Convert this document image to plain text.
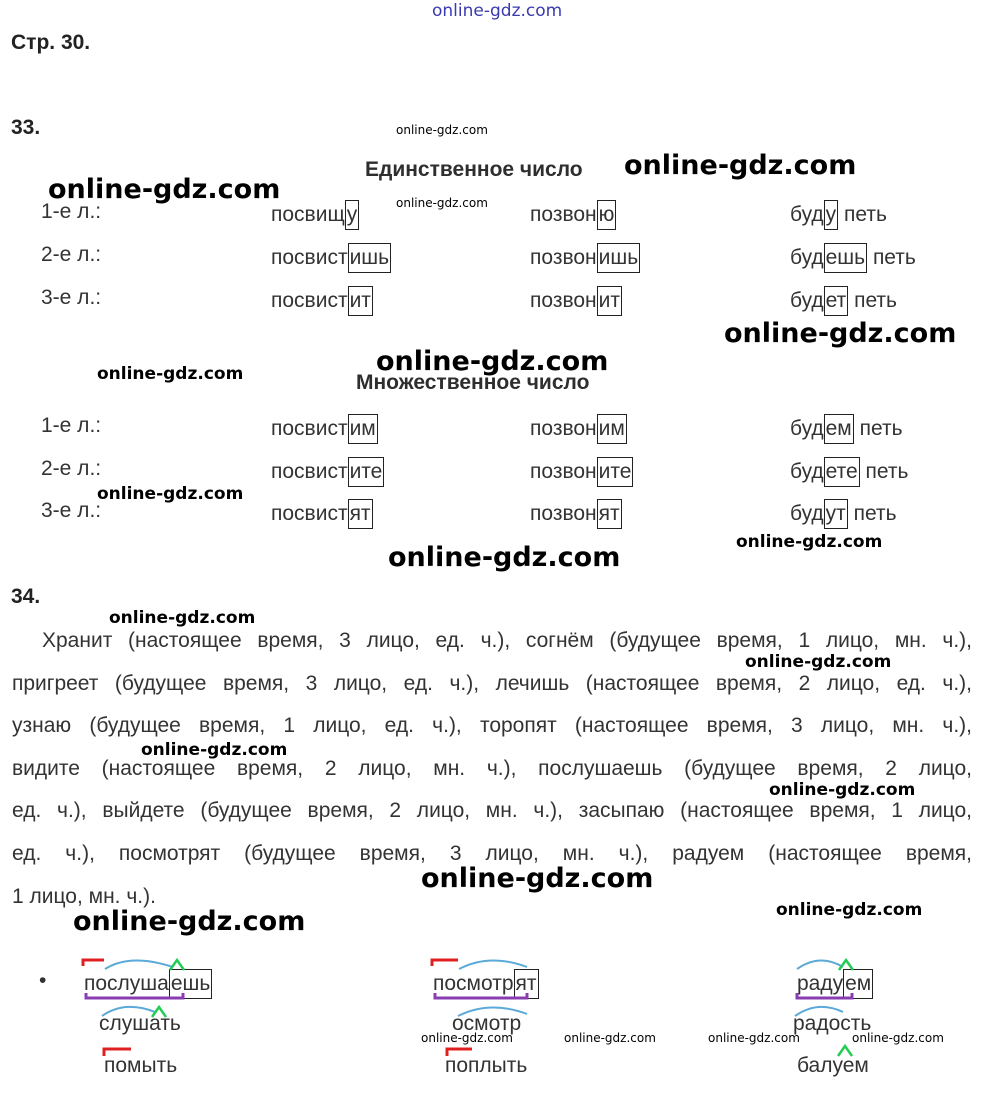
online-gdz.com
Стр. 30.
33.
Единственное число
1-е л.:	посвищу	позвоню	буду петь
2-е л.:	посвистишь	позвонишь	будешь петь
3-е л.:	посвистит	позвонит	будет петь
Множественное число
1-е л.:	посвистим	позвоним	будем петь
2-е л.:	посвистите	позвоните	будете петь
3-е л.:	посвистят	позвонят	будут петь
34.
Хранит (настоящее время, 3 лицо, ед. ч.), согнём (будущее время, 1 лицо, мн. ч.),
пригреет (будущее время, 3 лицо, ед. ч.), лечишь (настоящее время, 2 лицо, ед. ч.),
узнаю (будущее время, 1 лицо, ед. ч.), торопят (настоящее время, 3 лицо, мн. ч.),
видите (настоящее время, 2 лицо, мн. ч.), послушаешь (будущее время, 2 лицо,
ед. ч.), выйдете (будущее время, 2 лицо, мн. ч.), засыпаю (настоящее время, 1 лицо,
ед. ч.), посмотрят (будущее время, 3 лицо, мн. ч.), радуем (настоящее время,
1 лицо, мн. ч.).
• послушаешь
слушать
помыть
посмотрят
осмотр
поплыть
радуем
радость
балуем
online-gdz.com
online-gdz.com
online-gdz.com	online-gdz.com
online-gdz.com
online-gdz.com
online-gdz.com
online-gdz.com
online-gdz.com
online-gdz.com
online-gdz.com
online-gdz.com
online-gdz.com
online-gdz.com
online-gdz.com
online-gdz.com
online-gdz.com
online-gdz.com	online-gdz.com	online-gdz.com	online-gdz.com
